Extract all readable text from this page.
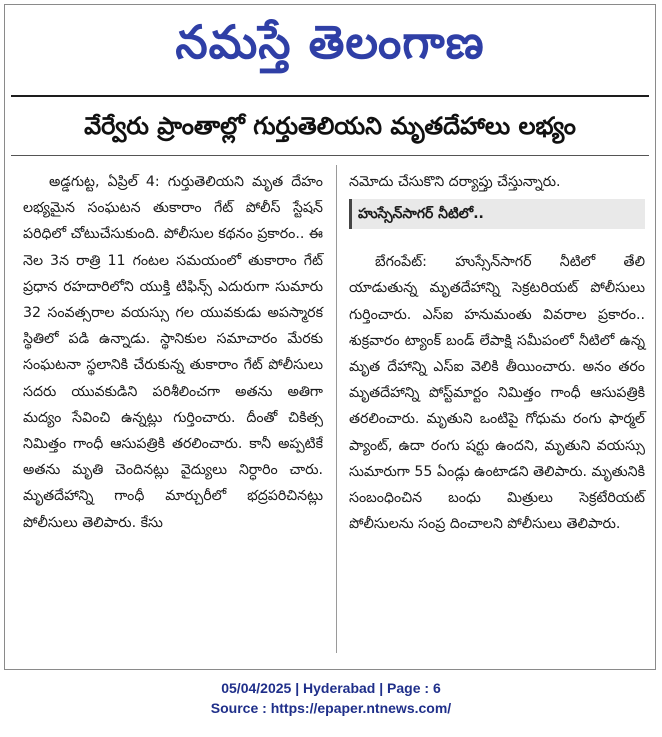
నమస్తే తెలంగాణ
వేర్వేరు ప్రాంతాల్లో గుర్తుతెలియని మృతదేహాలు లభ్యం

అడ్డగుట్ట, ఏప్రిల్ 4: గుర్తుతెలియని మృత దేహం లభ్యమైన సంఘటన తుకారాం గేట్ పోలీస్ స్టేషన్ పరిధిలో చోటుచేసుకుంది. పోలీసుల కథనం ప్రకారం.. ఈ నెల 3న రాత్రి 11 గంటల సమయంలో తుకారాం గేట్ ప్రధాన రహదారిలోని యుక్తి టిఫిన్స్ ఎదురుగా సుమారు 32 సంవత్సరాల వయస్సు గల యువకుడు అపస్మారక స్థితిలో పడి ఉన్నాడు. స్థానికుల సమాచారం మేరకు సంఘటనా స్థలానికి చేరుకున్న తుకారాం గేట్ పోలీసులు సదరు యువకుడిని పరిశీలించగా అతను అతిగా మద్యం సేవించి ఉన్నట్లు గుర్తించారు. దీంతో చికిత్స నిమిత్తం గాంధీ ఆసుపత్రికి తరలించారు. కానీ అప్పటికే అతను మృతి చెందినట్లు వైద్యులు నిర్ధారిం చారు. మృతదేహాన్ని గాంధీ మార్చురీలో భద్రపరిచినట్లు పోలీసులు తెలిపారు. కేసు

నమోదు చేసుకొని దర్యాప్తు చేస్తున్నారు.

హుస్సేన్‌సాగర్ నీటిలో..

బేగంపేట్: హుస్సేన్‌సాగర్ నీటిలో తేలి యాడుతున్న మృతదేహాన్ని సెక్రటరియట్ పోలీసులు గుర్తించారు. ఎస్ఐ హనుమంతు వివరాల ప్రకారం.. శుక్రవారం ట్యాంక్ బండ్ లేపాక్షి సమీపంలో నీటిలో ఉన్న మృత దేహాన్ని ఎస్ఐ వెలికి తీయించారు. అనం తరం మృతదేహాన్ని పోస్ట్‌మార్టం నిమిత్తం గాంధీ ఆసుపత్రికి తరలించారు. మృతుని ఒంటిపై గోధుమ రంగు ఫార్మల్ ప్యాంట్, ఉదా రంగు షర్టు ఉందని, మృతుని వయస్సు సుమారుగా 55 ఏండ్లు ఉంటాడని తెలిపారు. మృతునికి సంబంధించిన బంధు మిత్రులు సెక్రటేరియట్ పోలీసులను సంప్ర దించాలని పోలీసులు తెలిపారు.

05/04/2025 | Hyderabad | Page : 6
Source : https://epaper.ntnews.com/
